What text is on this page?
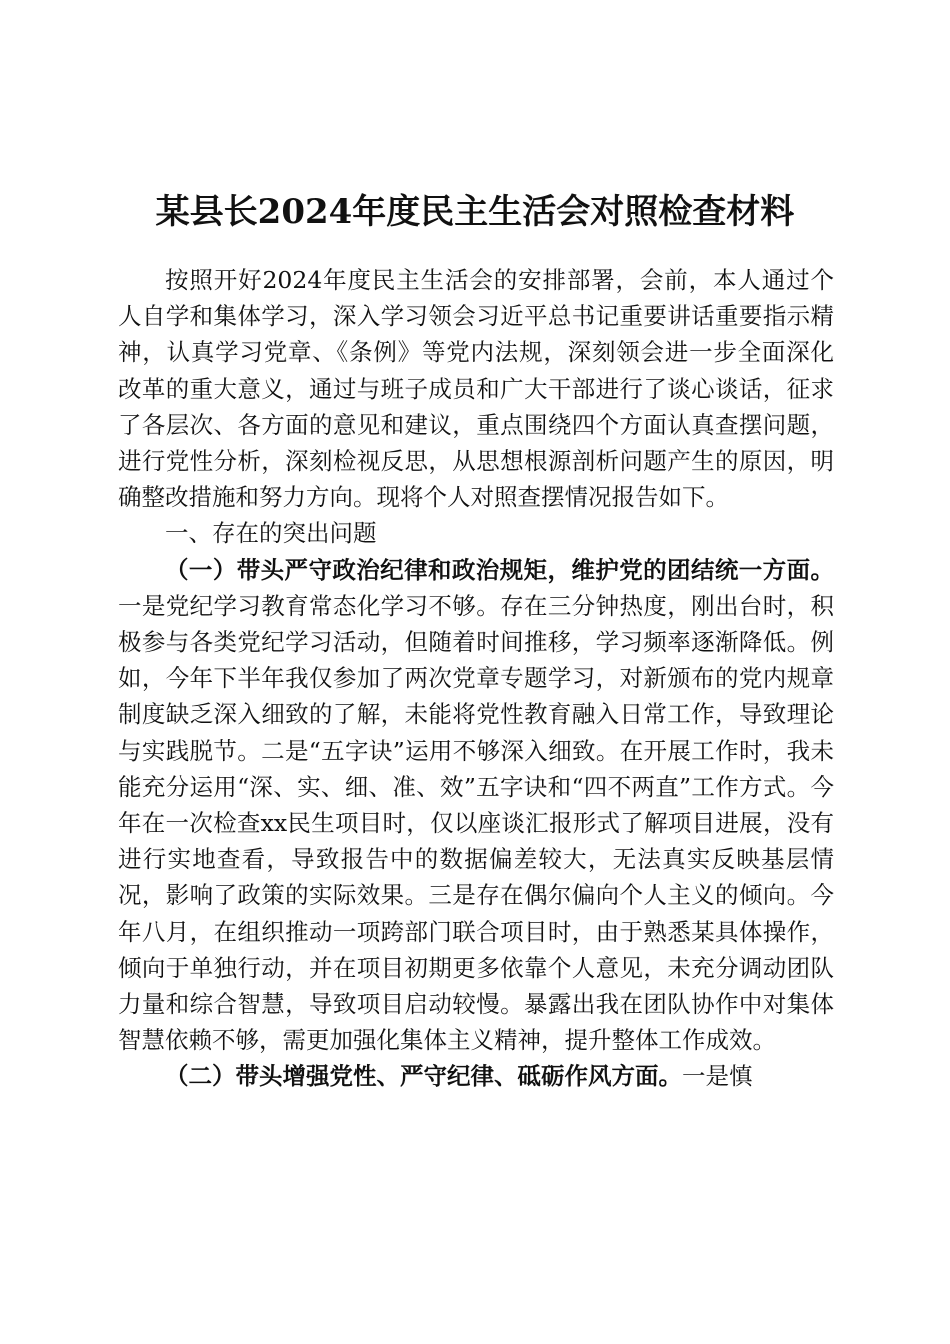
某县长2024年度民主生活会对照检查材料

按照开好2024年度民主生活会的安排部署，会前，本人通过个人自学和集体学习，深入学习领会习近平总书记重要讲话重要指示精神，认真学习党章、《条例》等党内法规，深刻领会进一步全面深化改革的重大意义，通过与班子成员和广大干部进行了谈心谈话，征求了各层次、各方面的意见和建议，重点围绕四个方面认真查摆问题，进行党性分析，深刻检视反思，从思想根源剖析问题产生的原因，明确整改措施和努力方向。现将个人对照查摆情况报告如下。

一、存在的突出问题

（一）带头严守政治纪律和政治规矩，维护党的团结统一方面。一是党纪学习教育常态化学习不够。存在三分钟热度，刚出台时，积极参与各类党纪学习活动，但随着时间推移，学习频率逐渐降低。例如，今年下半年我仅参加了两次党章专题学习，对新颁布的党内规章制度缺乏深入细致的了解，未能将党性教育融入日常工作，导致理论与实践脱节。二是“五字诀”运用不够深入细致。在开展工作时，我未能充分运用“深、实、细、准、效”五字诀和“四不两直”工作方式。今年在一次检查xx民生项目时，仅以座谈汇报形式了解项目进展，没有进行实地查看，导致报告中的数据偏差较大，无法真实反映基层情况，影响了政策的实际效果。三是存在偶尔偏向个人主义的倾向。今年八月，在组织推动一项跨部门联合项目时，由于熟悉某具体操作，倾向于单独行动，并在项目初期更多依靠个人意见，未充分调动团队力量和综合智慧，导致项目启动较慢。暴露出我在团队协作中对集体智慧依赖不够，需更加强化集体主义精神，提升整体工作成效。

（二）带头增强党性、严守纪律、砥砺作风方面。一是慎
